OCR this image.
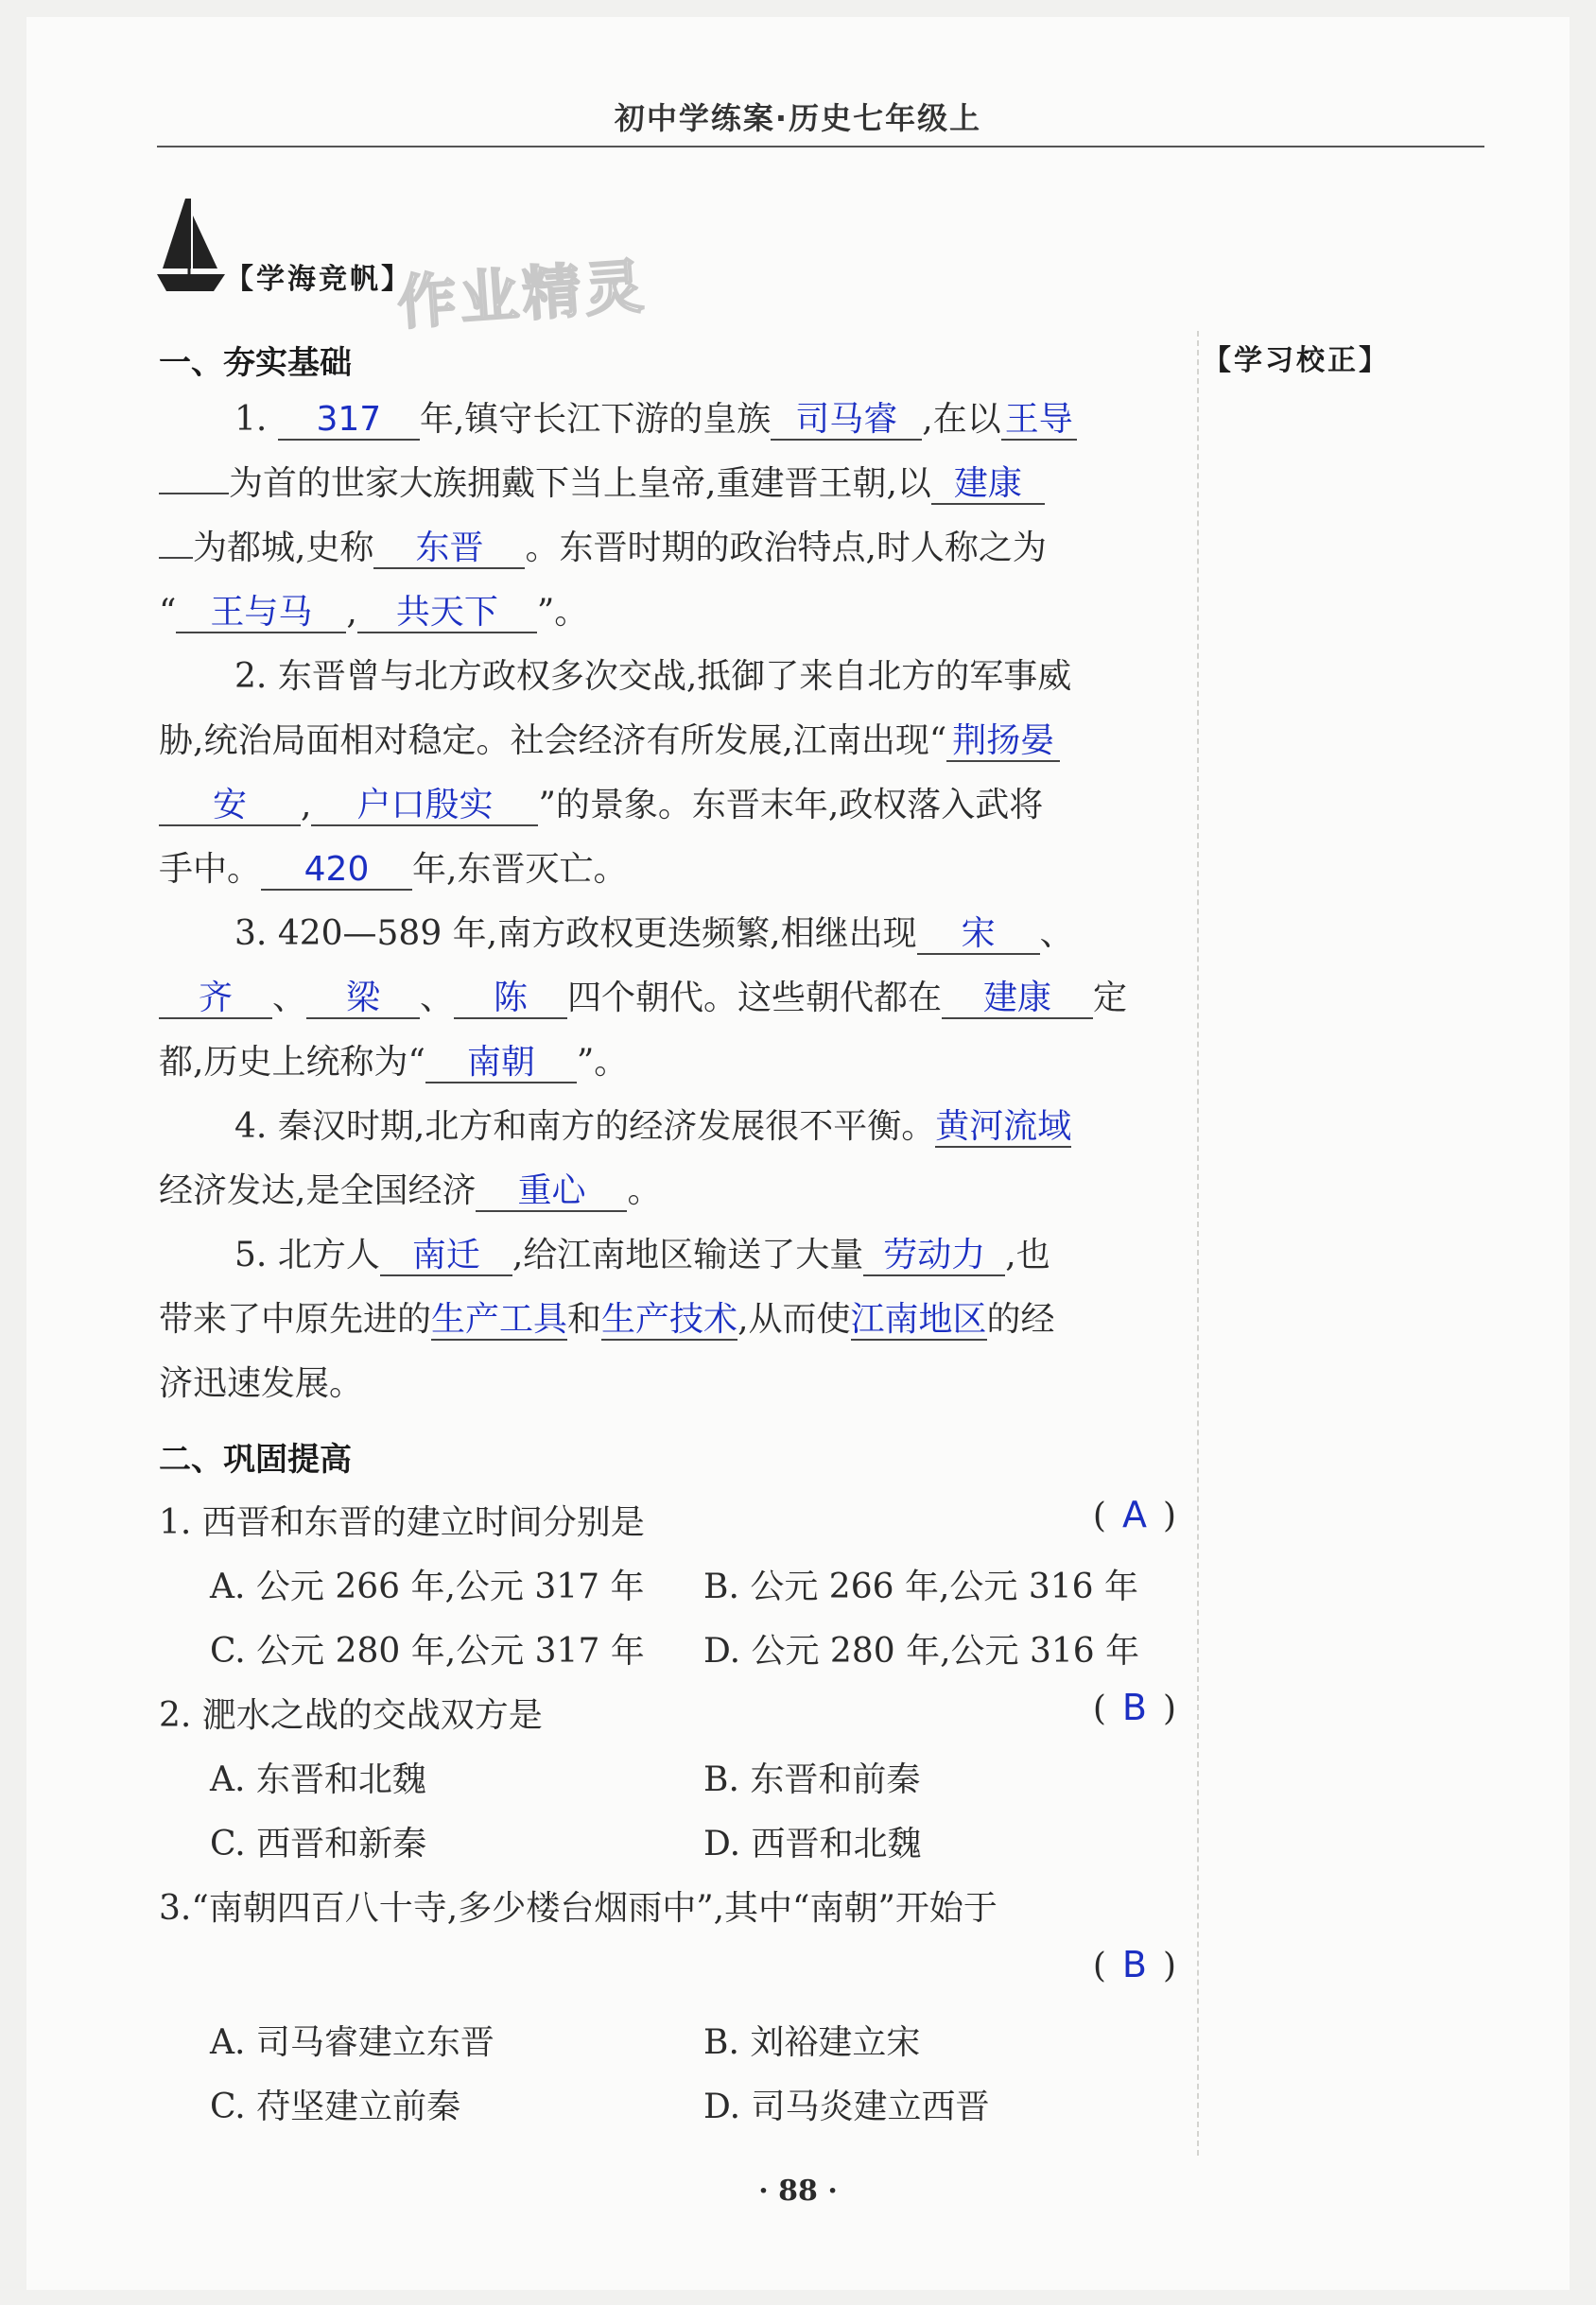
初中学练案·历史七年级上
【学海竞帆】
作业精灵
【学习校正】
一、夯实基础
1. 317 年,镇守长江下游的皇族 司马睿 ,在以 王导
为首的世家大族拥戴下当上皇帝,重建晋王朝,以 建康
为都城,史称 东晋 。东晋时期的政治特点,时人称之为
“ 王与马 , 共天下 ”。
2. 东晋曾与北方政权多次交战,抵御了来自北方的军事威
胁,统治局面相对稳定。社会经济有所发展,江南出现“ 荆扬晏
安 , 户口殷实 ”的景象。东晋末年,政权落入武将
手中。 420 年,东晋灭亡。
3. 420—589 年,南方政权更迭频繁,相继出现 宋 、
齐 、 梁 、 陈 四个朝代。这些朝代都在 建康 定
都,历史上统称为“ 南朝 ”。
4. 秦汉时期,北方和南方的经济发展很不平衡。黄河流域
经济发达,是全国经济 重心 。
5. 北方人 南迁 ,给江南地区输送了大量 劳动力 ,也
带来了中原先进的生产工具和生产技术,从而使江南地区的经
济迅速发展。
二、巩固提高
1. 西晋和东晋的建立时间分别是	( A )
A. 公元 266 年,公元 317 年 B. 公元 266 年,公元 316 年
C. 公元 280 年,公元 317 年 D. 公元 280 年,公元 316 年
2. 淝水之战的交战双方是	( B )
A. 东晋和北魏	B. 东晋和前秦
C. 西晋和新秦	D. 西晋和北魏
3.“南朝四百八十寺,多少楼台烟雨中”,其中“南朝”开始于
( B )
A. 司马睿建立东晋	B. 刘裕建立宋
C. 苻坚建立前秦	D. 司马炎建立西晋
· 88 ·
